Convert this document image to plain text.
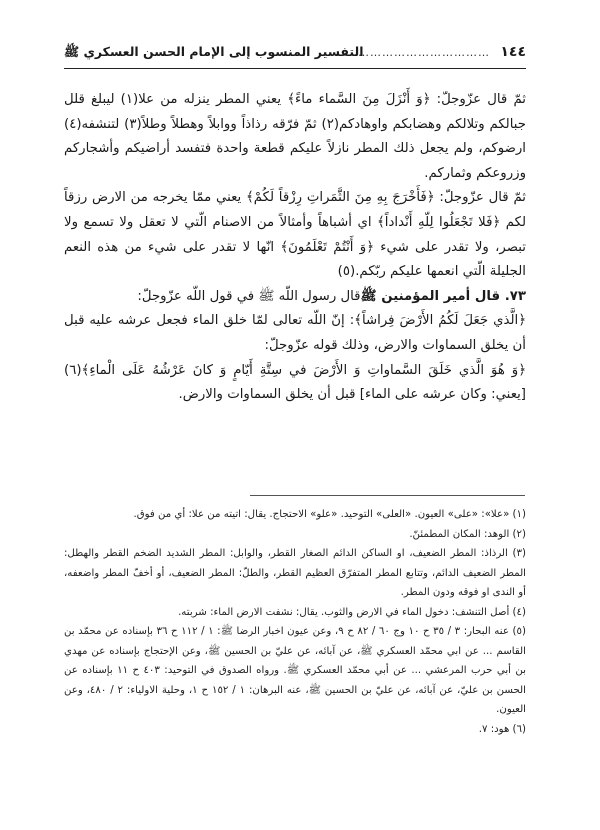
١٤٤
……………………………
التفسير المنسوب إلى الإمام الحسن العسكري ﷺ

ثمّ قال عزّوجلّ: ﴿وَ أَنْزَلَ مِنَ السَّماء ماءً﴾ يعني المطر ينزله من علا(١) ليبلغ قلل جبالكم وتلالكم وهضابكم واوهادكم(٢) ثمّ فرّقه رذاذاً ووابلاً وهطلاً وطلاً(٣) لتنشفه(٤) ارضوكم، ولم يجعل ذلك المطر نازلاً عليكم قطعة واحدة فتفسد أراضيكم وأشجاركم وزروعكم وثماركم.

ثمّ قال عزّوجلّ: ﴿فَأَخْرَجَ بِهِ مِنَ الثَّمَراتِ رِزْقاً لَكُمْ﴾ يعني ممّا يخرجه من الارض رزقاً لكم ﴿فَلا تَجْعَلُوا لِلّهِ أَنْداداً﴾ اي أشباهاً وأمثالاً من الاصنام الّتي لا تعقل ولا تسمع ولا تبصر، ولا تقدر على شيء ﴿وَ أَنْتُمْ تَعْلَمُونَ﴾ انّها لا تقدر على شيء من هذه النعم الجليلة الّتي انعمها عليكم ربّكم.(٥)

٧٣. قال أمير المؤمنين ﷺقال رسول اللّه ﷺ في قول اللّه عزّوجلّ:

﴿الَّذي جَعَلَ لَكُمُ الأَرْضَ فِراشاً﴾: إنّ اللّه تعالى لمّا خلق الماء فجعل عرشه عليه قبل أن يخلق السماوات والارض، وذلك قوله عزّوجلّ:

﴿وَ هُوَ الَّذي خَلَقَ السَّماواتِ وَ الأَرْضَ في سِتَّةِ أَيّامٍ وَ كانَ عَرْشُهُ عَلَى الْماءِ﴾(٦) [يعني: وكان عرشه على الماء] قبل أن يخلق السماوات والارض.

(١) «علا»: «على» العيون. «العلى» التوحيد. «علو» الاحتجاج. يقال: اتيته من علا: أي من فوق.

(٢) الوهد: المكان المطمئنّ.

(٣) الرذاذ: المطر الضعيف، او الساكن الدائم الصغار القطر، والوابل: المطر الشديد الضخم القطر والهطل: المطر الضعيف الدائم، وتتابع المطر المتفرّق العظيم القطر، والطلّ: المطر الضعيف، أو أخفّ المطر واضعفه، أو الندى او فوقه ودون المطر.

(٤) أصل التنشف: دخول الماء في الارض والثوب. يقال: نشفت الارض الماء: شربته.

(٥) عنه البحار: ٣ / ٣٥ ح ١٠ وج ٦٠ / ٨٢ ح ٩، وعن عيون اخبار الرضا ﷺ: ١ / ١١٢ ح ٣٦ بإسناده عن محمّد بن القاسم ... عن ابي محمّد العسكري ﷺ، عن آبائه، عن عليّ بن الحسين ﷺ، وعن الإحتجاج بإسناده عن مهدي بن أبي حرب المرعشي ... عن أبي محمّد العسكري ﷺ. ورواه الصدوق في التوحيد: ٤٠٣ ح ١١ بإسناده عن الحسن بن عليّ، عن آبائه، عن عليّ بن الحسين ﷺ، عنه البرهان: ١ / ١٥٢ ح ١، وحلية الاولياء: ٢ / ٤٨٠، وعن العيون.

(٦) هود: ٧.
